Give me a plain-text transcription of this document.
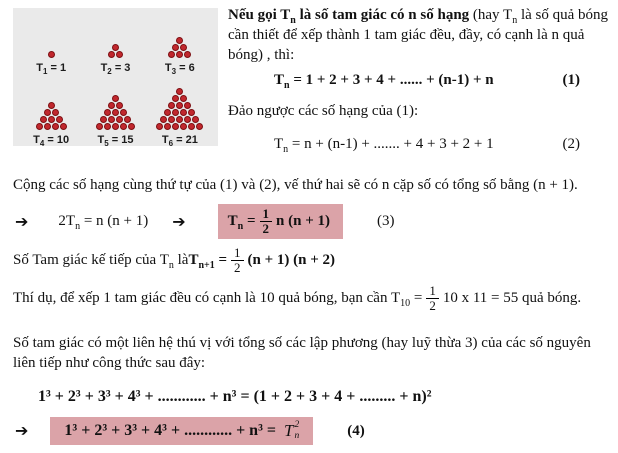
$T_1 = 1$	$T_2 = 3$	$T_3 = 6$
$T_4 = 10$	$T_5 = 15$	$T_6 = 21$

Nếu gọi $T_n$ là số tam giác có n số hạng (hay $T_n$ là số quả bóng cần thiết để xếp thành 1 tam giác đều, đầy, có cạnh là n quả bóng) , thì:

$T_n = 1 + 2 + 3 + 4$ + ...... + (n-1) + n	(1)

Đảo ngược các số hạng của (1):

$T_n = n + (n-1)$ + ....... + 4 + 3 + 2 + 1	(2)

Cộng các số hạng cùng thứ tự của (1) và (2), vế thứ hai sẽ có n cặp số có tổng số bằng (n + 1).

➔ $2T_n = n$ (n + 1) ➔	$T_n = \frac{1}{2}$ n (n + 1)	(3)
Số Tam giác kế tiếp của $T_n$ là $T_{n+1} = \frac{1}{2} (n + 1) (n + 2)$
Thí dụ, để xếp 1 tam giác đều có cạnh là 10 quả bóng, bạn cần $T_{10} = \frac{1}{2} 10$ x 11 = 55 quả bóng.
Số tam giác có một liên hệ thú vị với tổng số các lập phương (hay luỹ thừa 3) của các số nguyên
liên tiếp như công thức sau đây:
1³ + 2³ + 3³ + 4³ + ............ + n³ = (1 + 2 + 3 + 4 + ......... + n)²
➔ 1³ + 2³ + 3³ + 4³ + ............ + n³ = T 2
n	(4)
